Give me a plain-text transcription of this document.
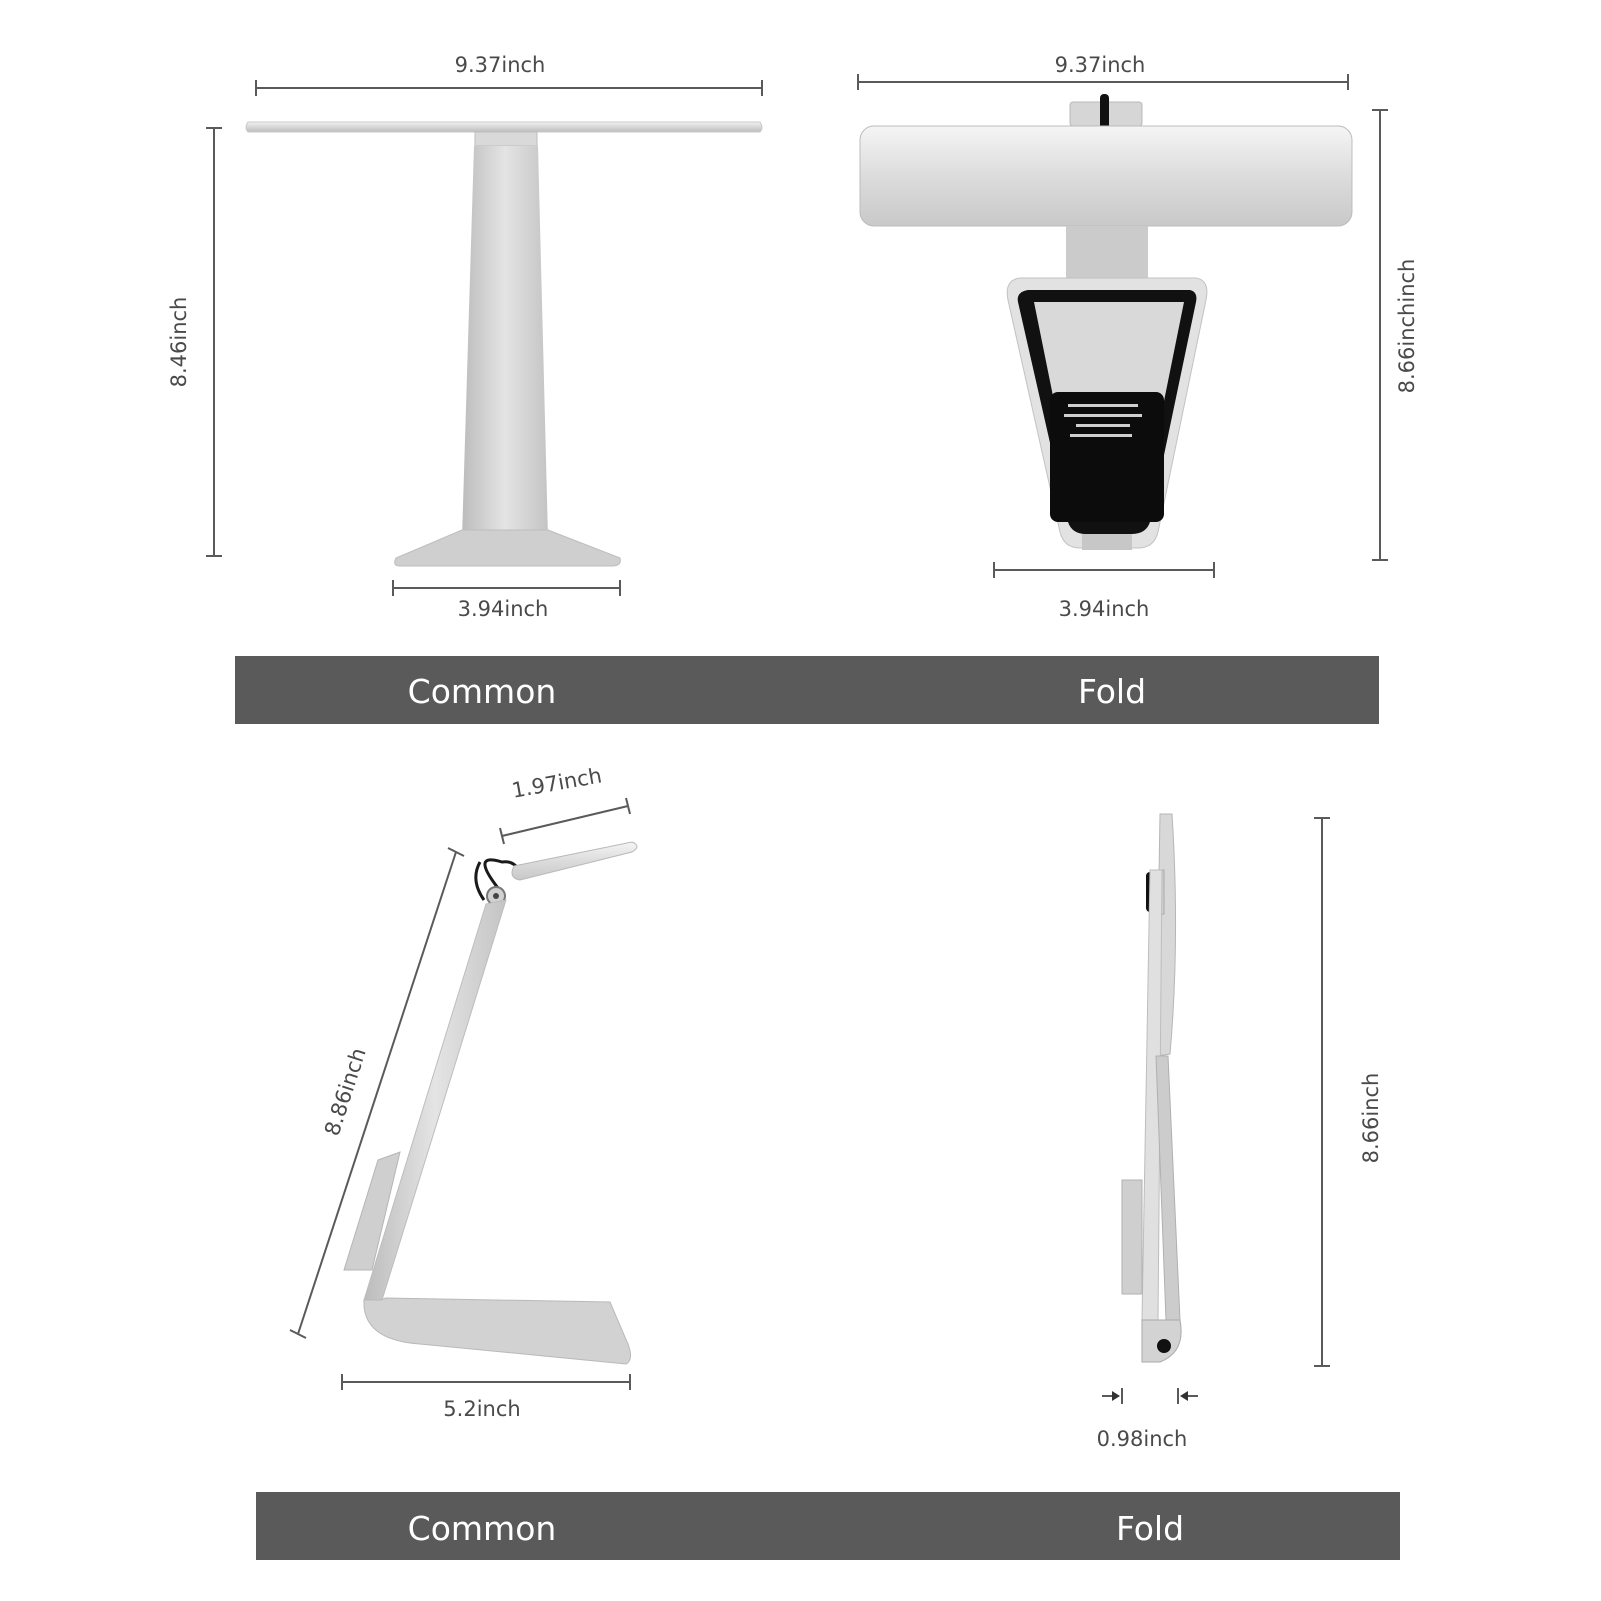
9.37inch
8.46inch
3.94inch
9.37inch
8.66inchinch
3.94inch
Common	Fold
1.97inch
8.86inch
5.2inch
8.66inch
0.98inch
Common	Fold
